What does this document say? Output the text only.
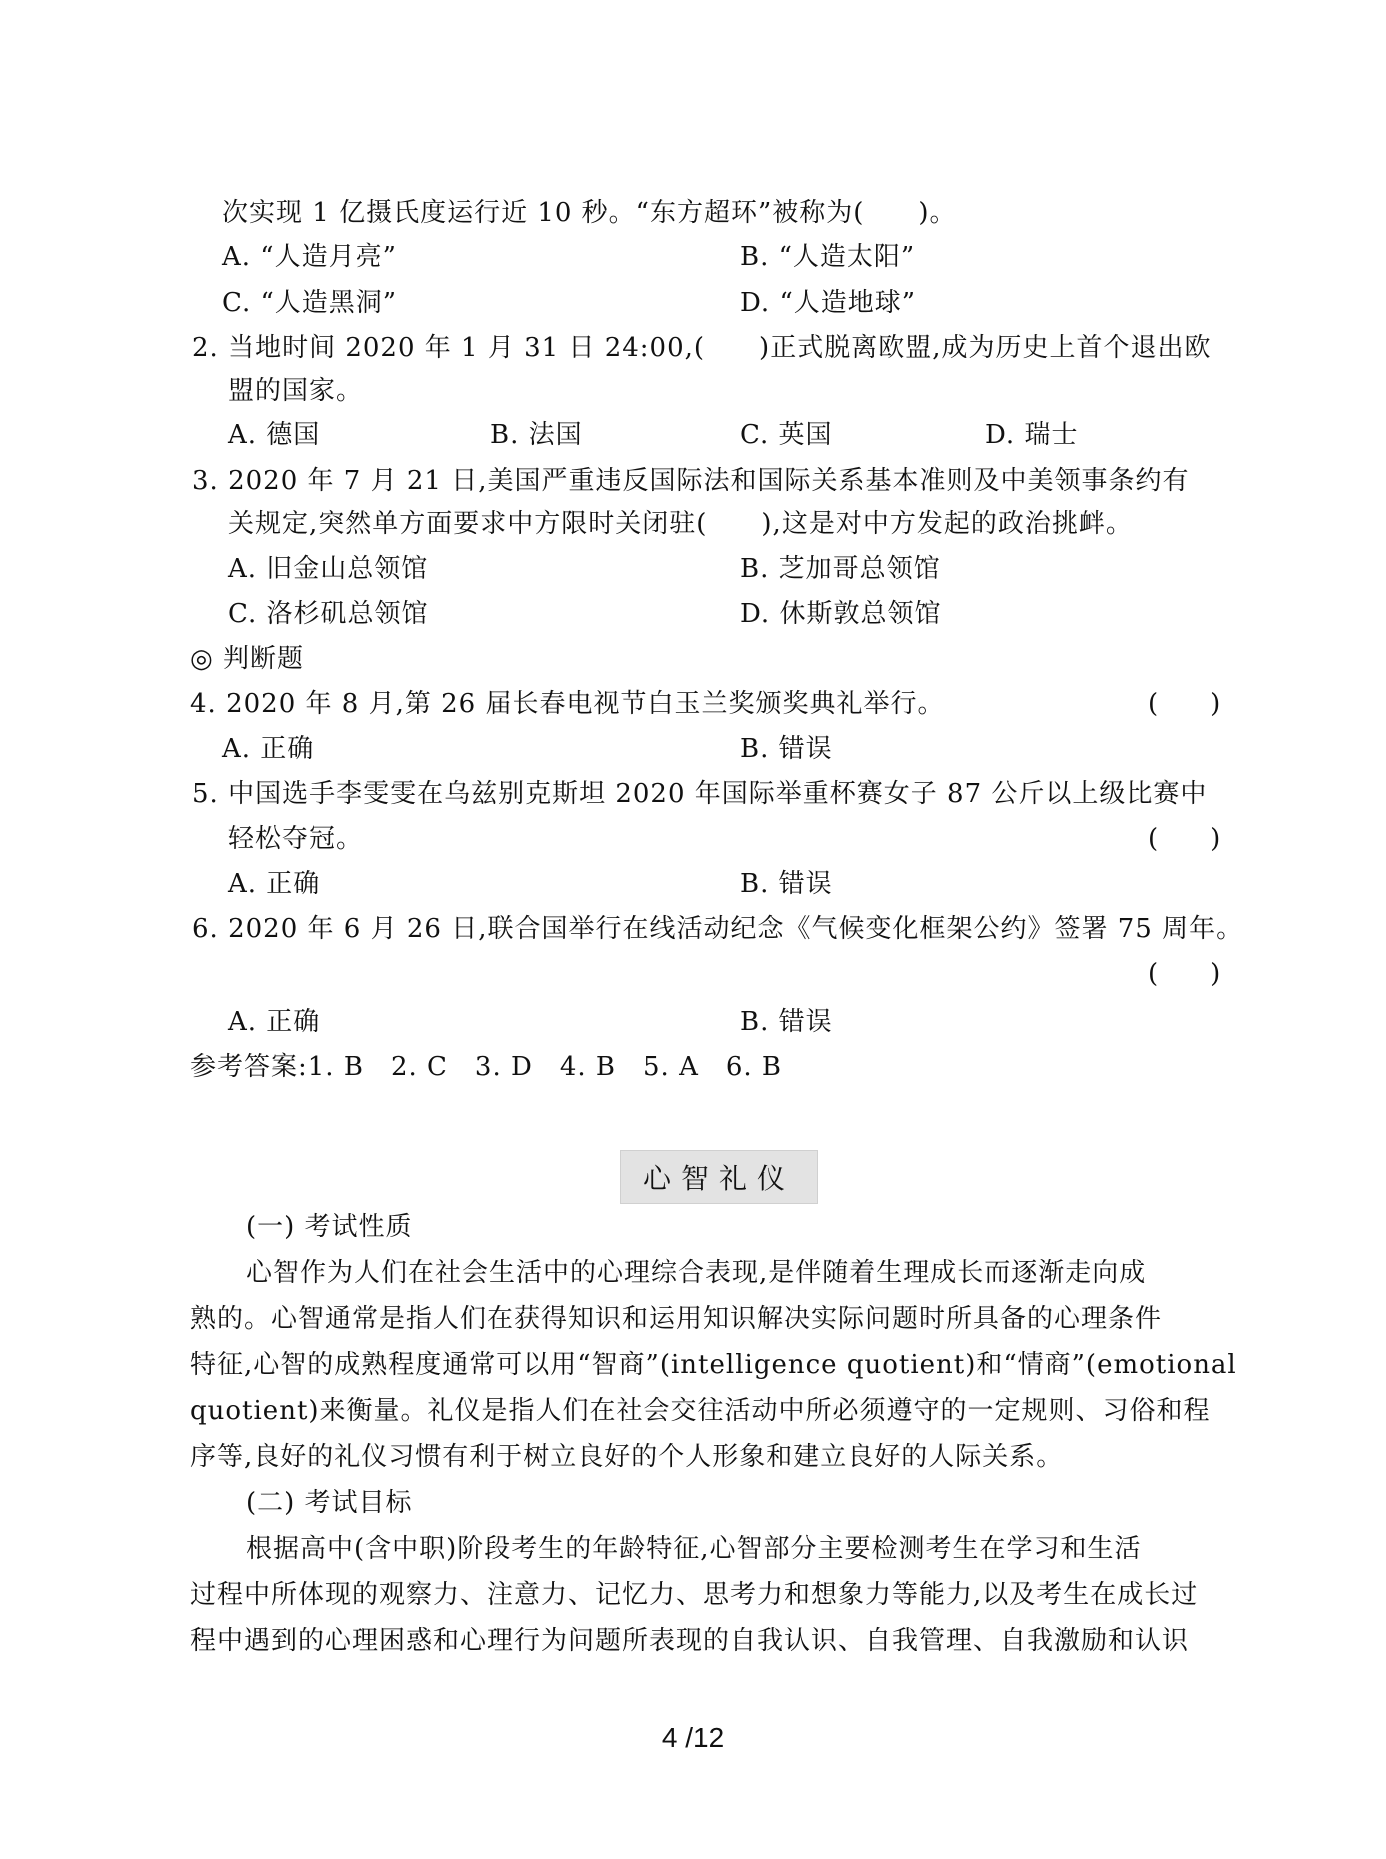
次实现 1 亿摄氏度运行近 10 秒。“东方超环”被称为(　　)。
A. “人造月亮”	B. “人造太阳”
C. “人造黑洞”	D. “人造地球”
2. 当地时间 2020 年 1 月 31 日 24:00,(　　)正式脱离欧盟,成为历史上首个退出欧
盟的国家。
A. 德国	B. 法国	C. 英国	D. 瑞士
3. 2020 年 7 月 21 日,美国严重违反国际法和国际关系基本准则及中美领事条约有
关规定,突然单方面要求中方限时关闭驻(　　),这是对中方发起的政治挑衅。
A. 旧金山总领馆	B. 芝加哥总领馆
C. 洛杉矶总领馆	D. 休斯敦总领馆
◎ 判断题
4. 2020 年 8 月,第 26 届长春电视节白玉兰奖颁奖典礼举行。	(　　)
A. 正确	B. 错误
5. 中国选手李雯雯在乌兹别克斯坦 2020 年国际举重杯赛女子 87 公斤以上级比赛中
轻松夺冠。	(　　)
A. 正确	B. 错误
6. 2020 年 6 月 26 日,联合国举行在线活动纪念《气候变化框架公约》签署 75 周年。
(　　)
A. 正确	B. 错误
参考答案:1. B　2. C　3. D　4. B　5. A　6. B
心智礼仪
(一) 考试性质
心智作为人们在社会生活中的心理综合表现,是伴随着生理成长而逐渐走向成
熟的。心智通常是指人们在获得知识和运用知识解决实际问题时所具备的心理条件
特征,心智的成熟程度通常可以用“智商”(intelligence quotient)和“情商”(emotional
quotient)来衡量。礼仪是指人们在社会交往活动中所必须遵守的一定规则、习俗和程
序等,良好的礼仪习惯有利于树立良好的个人形象和建立良好的人际关系。
(二) 考试目标
根据高中(含中职)阶段考生的年龄特征,心智部分主要检测考生在学习和生活
过程中所体现的观察力、注意力、记忆力、思考力和想象力等能力,以及考生在成长过
程中遇到的心理困惑和心理行为问题所表现的自我认识、自我管理、自我激励和认识
4 /12
